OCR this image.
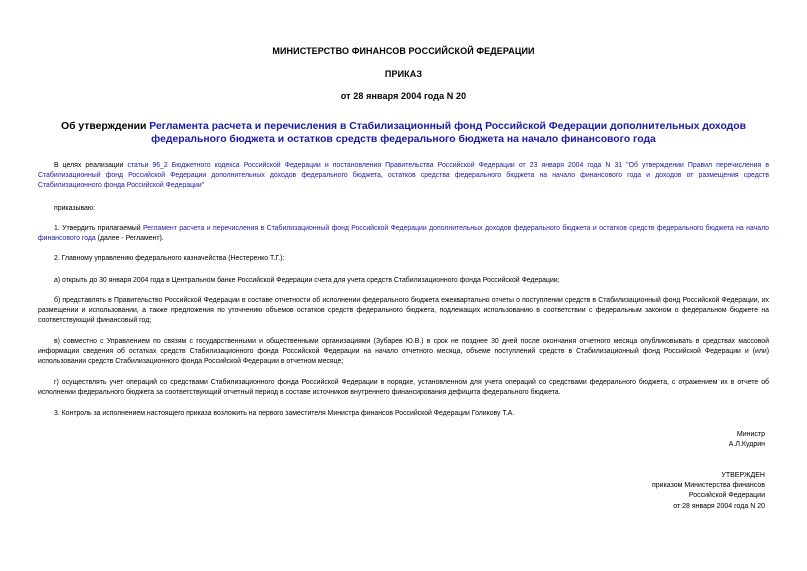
МИНИСТЕРСТВО ФИНАНСОВ РОССИЙСКОЙ ФЕДЕРАЦИИ
ПРИКАЗ
от 28 января 2004 года N 20
Об утверждении Регламента расчета и перечисления в Стабилизационный фонд Российской Федерации дополнительных доходов федерального бюджета и остатков средств федерального бюджета на начало финансового года
В целях реализации статьи 96_2 Бюджетного кодекса Российской Федерации и постановления Правительства Российской Федерации от 23 января 2004 года N 31 "Об утверждении Правил перечисления в Стабилизационный фонд Российской Федерации дополнительных доходов федерального бюджета, остатков средства федерального бюджета на начало финансового года и доходов от размещения средств Стабилизационного фонда Российской Федерации"
приказываю:
1. Утвердить прилагаемый Регламент расчета и перечисления в Стабилизационный фонд Российской Федерации дополнительных доходов федерального бюджета и остатков средств федерального бюджета на начало финансового года (далее - Регламент).
2. Главному управлению федерального казначейства (Нестеренко Т.Г.):
а) открыть до 30 января 2004 года в Центральном банке Российской Федерации счета для учета средств Стабилизационного фонда Российской Федерации;
б) представлять в Правительство Российской Федерации в составе отчетности об исполнении федерального бюджета ежеквартально отчеты о поступлении средств в Стабилизационный фонд Российской Федерации, их размещении и использовании, а также предложения по уточнению объемов остатков средств федерального бюджета, подлежащих использованию в соответствии с федеральным законом о федеральном бюджете на соответствующий финансовый год;
в) совместно с Управлением по связям с государственными и общественными организациями (Зубарев Ю.В.) в срок не позднее 30 дней после окончания отчетного месяца опубликовывать в средствах массовой информации сведения об остатках средств Стабилизационного фонда Российской Федерации на начало отчетного месяца, объеме поступлений средств в Стабилизационный фонд Российской Федерации и (или) использовании средств Стабилизационного фонда Российской Федерации в отчетном месяце;
г) осуществлять учет операций со средствами Стабилизационного фонда Российской Федерации в порядке, установленном для учета операций со средствами федерального бюджета, с отражением их в отчете об исполнении федерального бюджета за соответствующий отчетный период в составе источников внутреннего финансирования дефицита федерального бюджета.
3. Контроль за исполнением настоящего приказа возложить на первого заместителя Министра финансов Российской Федерации Голикову Т.А.
Министр
А.Л.Кудрин
УТВЕРЖДЕН
приказом Министерства финансов
Российской Федерации
от 28 января 2004 года N 20
